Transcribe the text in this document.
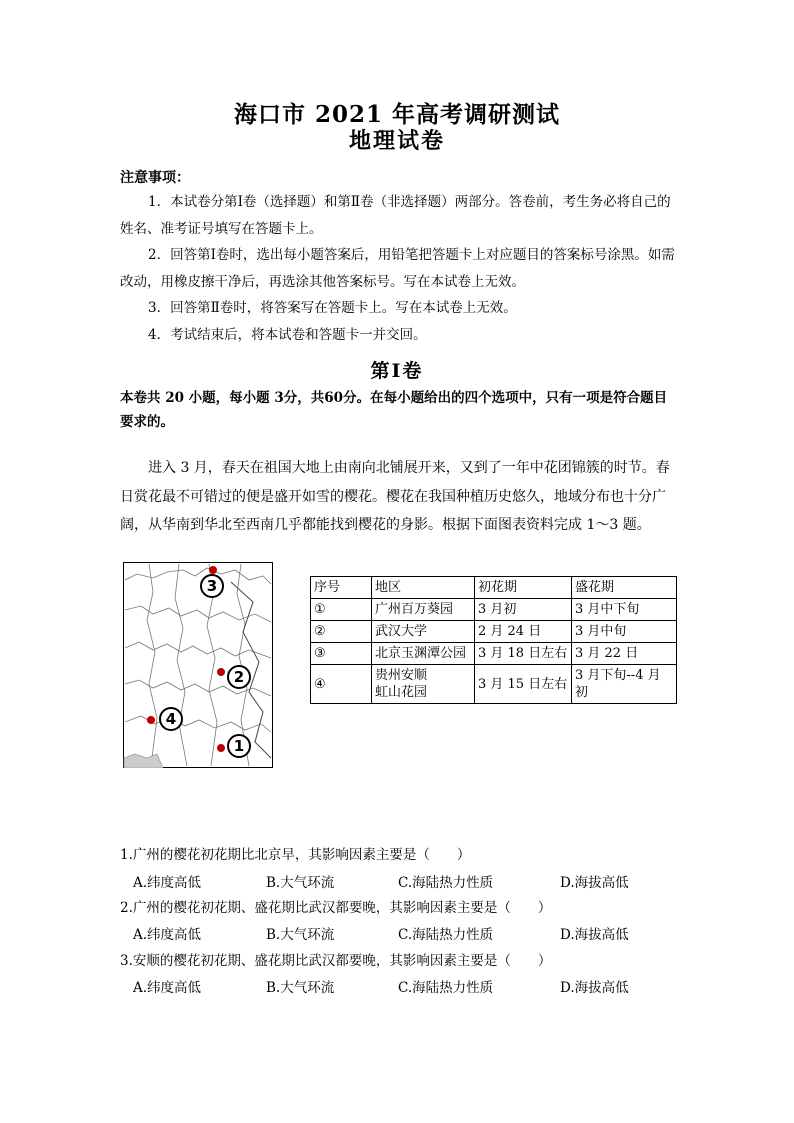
海口市 2021 年高考调研测试
地理试卷
注意事项：
1．本试卷分第Ⅰ卷（选择题）和第Ⅱ卷（非选择题）两部分。答卷前，考生务必将自己的姓名、准考证号填写在答题卡上。
2．回答第Ⅰ卷时，选出每小题答案后，用铅笔把答题卡上对应题目的答案标号涂黑。如需改动，用橡皮擦干净后，再选涂其他答案标号。写在本试卷上无效。
3．回答第Ⅱ卷时，将答案写在答题卡上。写在本试卷上无效。
4．考试结束后，将本试卷和答题卡一并交回。
第Ⅰ卷
本卷共 20 小题，每小题 3分，共60分。在每小题给出的四个选项中，只有一项是符合题目要求的。
进入 3 月，春天在祖国大地上由南向北铺展开来，又到了一年中花团锦簇的时节。春日赏花最不可错过的便是盛开如雪的樱花。樱花在我国种植历史悠久，地域分布也十分广阔，从华南到华北至西南几乎都能找到樱花的身影。根据下面图表资料完成 1～3 题。
3
2
4
1
序号	地区	初花期	盛花期
①	广州百万葵园	3 月初	3 月中下旬
②	武汉大学	2 月 24 日	3 月中旬
③	北京玉渊潭公园	3 月 18 日左右	3 月 22 日
④	贵州安顺
虹山花园	3 月 15 日左右	3 月下旬--4 月初
1.广州的樱花初花期比北京早，其影响因素主要是（　　）
A.纬度高低	B.大气环流	C.海陆热力性质	D.海拔高低
2.广州的樱花初花期、盛花期比武汉都要晚，其影响因素主要是（　　）
A.纬度高低	B.大气环流	C.海陆热力性质	D.海拔高低
3.安顺的樱花初花期、盛花期比武汉都要晚，其影响因素主要是（　　）
A.纬度高低	B.大气环流	C.海陆热力性质	D.海拔高低
